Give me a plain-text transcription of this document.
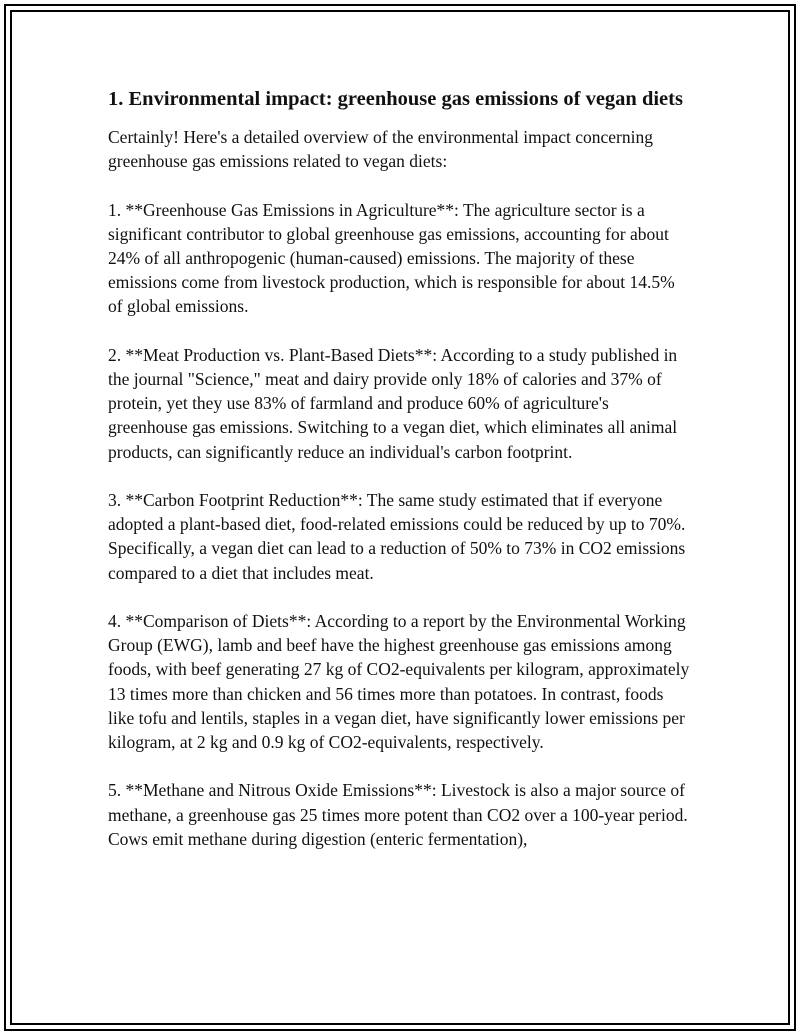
1. Environmental impact: greenhouse gas emissions of vegan diets

Certainly! Here's a detailed overview of the environmental impact concerning greenhouse gas emissions related to vegan diets:

1. **Greenhouse Gas Emissions in Agriculture**: The agriculture sector is a significant contributor to global greenhouse gas emissions, accounting for about 24% of all anthropogenic (human-caused) emissions. The majority of these emissions come from livestock production, which is responsible for about 14.5% of global emissions.

2. **Meat Production vs. Plant-Based Diets**: According to a study published in the journal "Science," meat and dairy provide only 18% of calories and 37% of protein, yet they use 83% of farmland and produce 60% of agriculture's greenhouse gas emissions. Switching to a vegan diet, which eliminates all animal products, can significantly reduce an individual's carbon footprint.

3. **Carbon Footprint Reduction**: The same study estimated that if everyone adopted a plant-based diet, food-related emissions could be reduced by up to 70%. Specifically, a vegan diet can lead to a reduction of 50% to 73% in CO2 emissions compared to a diet that includes meat.

4. **Comparison of Diets**: According to a report by the Environmental Working Group (EWG), lamb and beef have the highest greenhouse gas emissions among foods, with beef generating 27 kg of CO2-equivalents per kilogram, approximately 13 times more than chicken and 56 times more than potatoes. In contrast, foods like tofu and lentils, staples in a vegan diet, have significantly lower emissions per kilogram, at 2 kg and 0.9 kg of CO2-equivalents, respectively.

5. **Methane and Nitrous Oxide Emissions**: Livestock is also a major source of methane, a greenhouse gas 25 times more potent than CO2 over a 100-year period. Cows emit methane during digestion (enteric fermentation),
